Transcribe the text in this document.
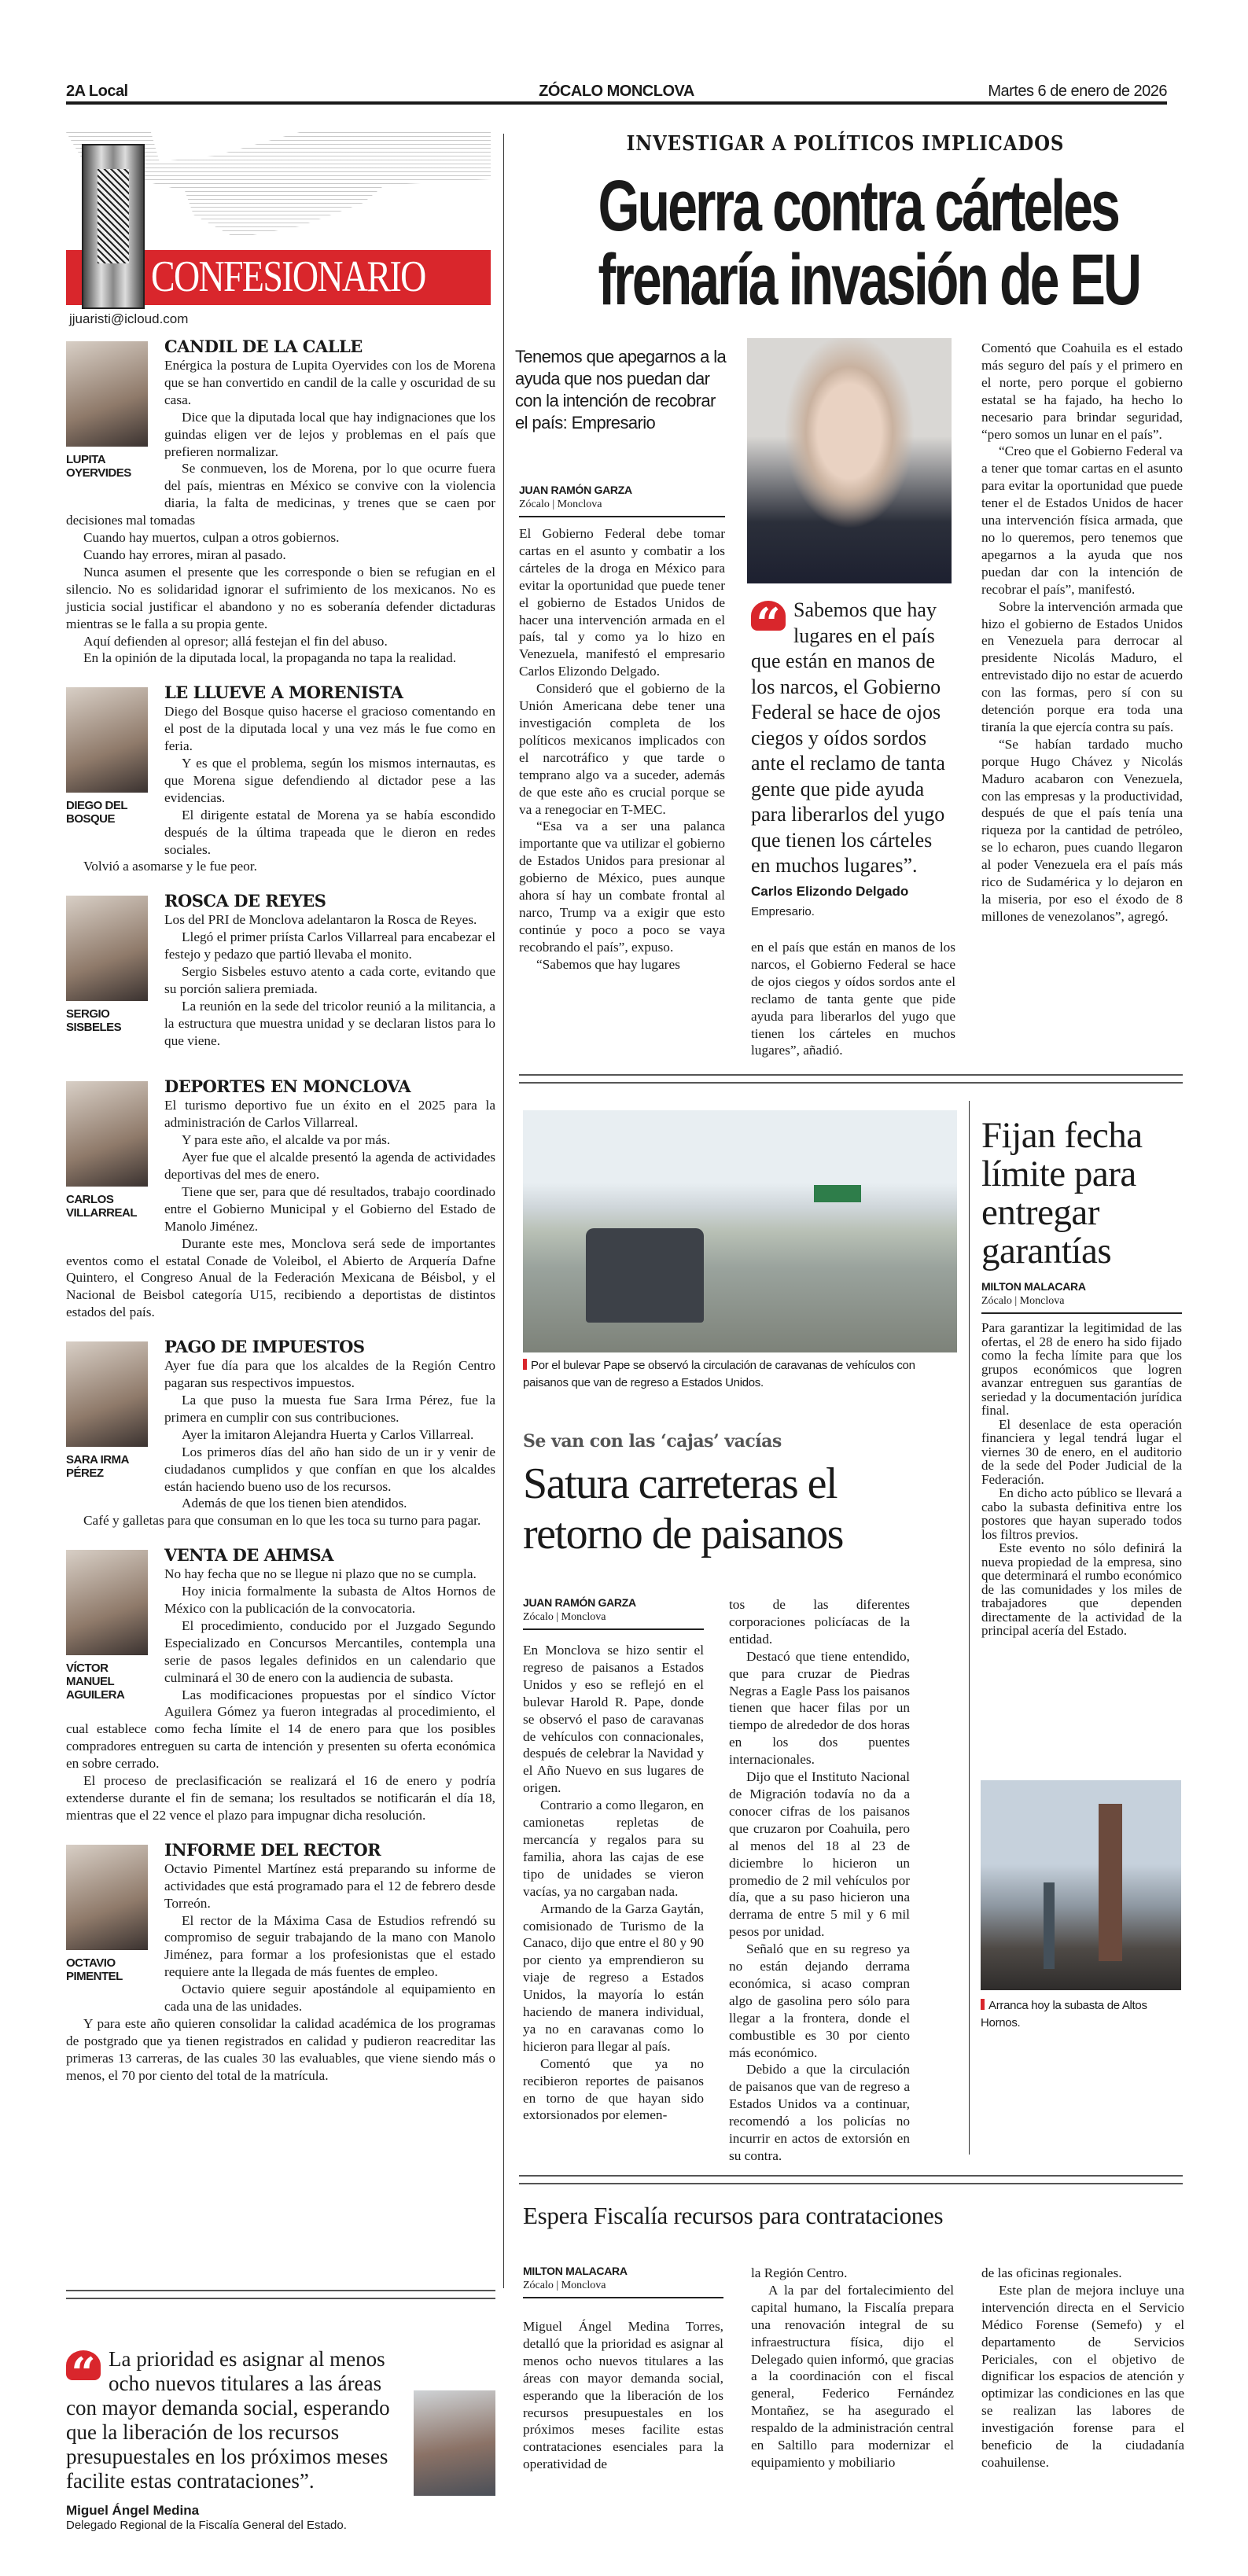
2A Local	ZÓCALO MONCLOVA	Martes 6 de enero de 2026
CONFESIONARIO
jjuaristi@icloud.com
LUPITA OYERVIDES
CANDIL DE LA CALLE

Enérgica la postura de Lupita Oyervides con los de Morena que se han convertido en candil de la calle y oscuridad de su casa.

Dice que la diputada local que hay indignaciones que los guindas eligen ver de lejos y problemas en el país que prefieren normalizar.

Se conmueven, los de Morena, por lo que ocurre fuera del país, mientras en México se convive con la violencia diaria, la falta de medicinas, y trenes que se caen por decisiones mal tomadas

Cuando hay muertos, culpan a otros gobiernos.

Cuando hay errores, miran al pasado.

Nunca asumen el presente que les corresponde o bien se refugian en el silencio. No es solidaridad ignorar el sufrimiento de los mexicanos. No es justicia social justificar el abandono y no es soberanía defender dictaduras mientras se le falla a su propia gente.

Aquí defienden al opresor; allá festejan el fin del abuso.

En la opinión de la diputada local, la propaganda no tapa la realidad.

DIEGO DEL BOSQUE
LE LLUEVE A MORENISTA

Diego del Bosque quiso hacerse el gracioso comentando en el post de la diputada local y una vez más le fue como en feria.

Y es que el problema, según los mismos internautas, es que Morena sigue defendiendo al dictador pese a las evidencias.

El dirigente estatal de Morena ya se había escondido después de la última trapeada que le dieron en redes sociales.

Volvió a asomarse y le fue peor.

SERGIO SISBELES
ROSCA DE REYES

Los del PRI de Monclova adelantaron la Rosca de Reyes.

Llegó el primer priísta Carlos Villarreal para encabezar el festejo y pedazo que partió llevaba el monito.

Sergio Sisbeles estuvo atento a cada corte, evitando que su porción saliera premiada.

La reunión en la sede del tricolor reunió a la militancia, a la estructura que muestra unidad y se declaran listos para lo que viene.

CARLOS VILLARREAL
DEPORTES EN MONCLOVA

El turismo deportivo fue un éxito en el 2025 para la administración de Carlos Villarreal.

Y para este año, el alcalde va por más.

Ayer fue que el alcalde presentó la agenda de actividades deportivas del mes de enero.

Tiene que ser, para que dé resultados, trabajo coordinado entre el Gobierno Municipal y el Gobierno del Estado de Manolo Jiménez.

Durante este mes, Monclova será sede de importantes eventos como el estatal Conade de Voleibol, el Abierto de Arquería Dafne Quintero, el Congreso Anual de la Federación Mexicana de Béisbol, y el Nacional de Beisbol categoría U15, recibiendo a deportistas de distintos estados del país.

SARA IRMA PÉREZ
PAGO DE IMPUESTOS

Ayer fue día para que los alcaldes de la Región Centro pagaran sus respectivos impuestos.

La que puso la muesta fue Sara Irma Pérez, fue la primera en cumplir con sus contribuciones.

Ayer la imitaron Alejandra Huerta y Carlos Villarreal.

Los primeros días del año han sido de un ir y venir de ciudadanos cumplidos y que confían en que los alcaldes están haciendo bueno uso de los recursos.

Además de que los tienen bien atendidos.

Café y galletas para que consuman en lo que les toca su turno para pagar.

VÍCTOR MANUEL AGUILERA
VENTA DE AHMSA

No hay fecha que no se llegue ni plazo que no se cumpla.

Hoy inicia formalmente la subasta de Altos Hornos de México con la publicación de la convocatoria.

El procedimiento, conducido por el Juzgado Segundo Especializado en Concursos Mercantiles, contempla una serie de pasos legales definidos en un calendario que culminará el 30 de enero con la audiencia de subasta.

Las modificaciones propuestas por el síndico Víctor Aguilera Gómez ya fueron integradas al procedimiento, el cual establece como fecha límite el 14 de enero para que los posibles compradores entreguen su carta de intención y presenten su oferta económica en sobre cerrado.

El proceso de preclasificación se realizará el 16 de enero y podría extenderse durante el fin de semana; los resultados se notificarán el día 18, mientras que el 22 vence el plazo para impugnar dicha resolución.

OCTAVIO PIMENTEL
INFORME DEL RECTOR

Octavio Pimentel Martínez está preparando su informe de actividades que está programado para el 12 de febrero desde Torreón.

El rector de la Máxima Casa de Estudios refrendó su compromiso de seguir trabajando de la mano con Manolo Jiménez, para formar a los profesionistas que el estado requiere ante la llegada de más fuentes de empleo.

Octavio quiere seguir apostándole al equipamiento en cada una de las unidades.

Y para este año quieren consolidar la calidad académica de los programas de postgrado que ya tienen registrados en calidad y pudieron reacreditar las primeras 13 carreras, de las cuales 30 las evaluables, que viene siendo más o menos, el 70 por ciento del total de la matrícula.

“ La prioridad es asignar al menos ocho nuevos titulares a las áreas con mayor demanda social, esperando que la liberación de los recursos presupuestales en los próximos meses facilite estas contrataciones”.
Miguel Ángel Medina
Delegado Regional de la Fiscalía General del Estado.
INVESTIGAR A POLÍTICOS IMPLICADOS
Guerra contra cárteles
frenaría invasión de EU
Tenemos que apegarnos a la ayuda que nos puedan dar con la intención de recobrar el país: Empresario
JUAN RAMÓN GARZA
Zócalo | Monclova

El Gobierno Federal debe tomar cartas en el asunto y combatir a los cárteles de la droga en México para evitar la oportunidad que puede tener el gobierno de Estados Unidos de hacer una intervención armada en el país, tal y como ya lo hizo en Venezuela, manifestó el empresario Carlos Elizondo Delgado.

Consideró que el gobierno de la Unión Americana debe tener una investigación completa de los políticos mexicanos implicados con el narcotráfico y que tarde o temprano algo va a suceder, además de que este año es crucial porque se va a renegociar en T-MEC.

“Esa va a ser una palanca importante que va utilizar el gobierno de Estados Unidos para presionar al gobierno de México, pues aunque ahora sí hay un combate frontal al narco, Trump va a exigir que esto continúe y poco a poco se vaya recobrando el país”, expuso.

“Sabemos que hay lugares

“ Sabemos que hay lugares en el país que están en manos de los narcos, el Gobierno Federal se hace de ojos ciegos y oídos sordos ante el reclamo de tanta gente que pide ayuda para liberarlos del yugo que tienen los cárteles en muchos lugares”.
Carlos Elizondo Delgado
Empresario.

en el país que están en manos de los narcos, el Gobierno Federal se hace de ojos ciegos y oídos sordos ante el reclamo de tanta gente que pide ayuda para liberarlos del yugo que tienen los cárteles en muchos lugares”, añadió.

Comentó que Coahuila es el estado más seguro del país y el primero en el norte, pero porque el gobierno estatal se ha fajado, ha hecho lo necesario para brindar seguridad, “pero somos un lunar en el país”.

“Creo que el Gobierno Federal va a tener que tomar cartas en el asunto para evitar la oportunidad que puede tener el de Estados Unidos de hacer una intervención física armada, que no lo queremos, pero tenemos que apegarnos a la ayuda que nos puedan dar con la intención de recobrar el país”, manifestó.

Sobre la intervención armada que hizo el gobierno de Estados Unidos en Venezuela para derrocar al presidente Nicolás Maduro, el entrevistado dijo no estar de acuerdo con las formas, pero sí con su detención porque era toda una tiranía la que ejercía contra su país.

“Se habían tardado mucho porque Hugo Chávez y Nicolás Maduro acabaron con Venezuela, con las empresas y la productividad, después de que el país tenía una riqueza por la cantidad de petróleo, se lo echaron, pues cuando llegaron al poder Venezuela era el país más rico de Sudamérica y lo dejaron en la miseria, por eso el éxodo de 8 millones de venezolanos”, agregó.

Por el bulevar Pape se observó la circulación de caravanas de vehículos con paisanos que van de regreso a Estados Unidos.
Se van con las ‘cajas’ vacías
Satura carreteras el retorno de paisanos
JUAN RAMÓN GARZA
Zócalo | Monclova

En Monclova se hizo sentir el regreso de paisanos a Estados Unidos y eso se reflejó en el bulevar Harold R. Pape, donde se observó el paso de caravanas de vehículos con connacionales, después de celebrar la Navidad y el Año Nuevo en sus lugares de origen.

Contrario a como llegaron, en camionetas repletas de mercancía y regalos para su familia, ahora las cajas de ese tipo de unidades se vieron vacías, ya no cargaban nada.

Armando de la Garza Gaytán, comisionado de Turismo de la Canaco, dijo que entre el 80 y 90 por ciento ya emprendieron su viaje de regreso a Estados Unidos, la mayoría lo están haciendo de manera individual, ya no en caravanas como lo hicieron para llegar al país.

Comentó que ya no recibieron reportes de paisanos en torno de que hayan sido extorsionados por elemen-

tos de las diferentes corporaciones policíacas de la entidad.

Destacó que tiene entendido, que para cruzar de Piedras Negras a Eagle Pass los paisanos tienen que hacer filas por un tiempo de alrededor de dos horas en los dos puentes internacionales.

Dijo que el Instituto Nacional de Migración todavía no da a conocer cifras de los paisanos que cruzaron por Coahuila, pero al menos del 18 al 23 de diciembre lo hicieron un promedio de 2 mil vehículos por día, que a su paso hicieron una derrama de entre 5 mil y 6 mil pesos por unidad.

Señaló que en su regreso ya no están dejando derrama económica, si acaso compran algo de gasolina pero sólo para llegar a la frontera, donde el combustible es 30 por ciento más económico.

Debido a que la circulación de paisanos que van de regreso a Estados Unidos va a continuar, recomendó a los policías no incurrir en actos de extorsión en su contra.

Fijan fecha límite para entregar garantías
MILTON MALACARA
Zócalo | Monclova

Para garantizar la legitimidad de las ofertas, el 28 de enero ha sido fijado como la fecha límite para que los grupos económicos que logren avanzar entreguen sus garantías de seriedad y la documentación jurídica final.

El desenlace de esta operación financiera y legal tendrá lugar el viernes 30 de enero, en el auditorio de la sede del Poder Judicial de la Federación.

En dicho acto público se llevará a cabo la subasta definitiva entre los postores que hayan superado todos los filtros previos.

Este evento no sólo definirá la nueva propiedad de la empresa, sino que determinará el rumbo económico de las comunidades y los miles de trabajadores que dependen directamente de la actividad de la principal acería del Estado.

Arranca hoy la subasta de Altos Hornos.
Espera Fiscalía recursos para contrataciones
MILTON MALACARA
Zócalo | Monclova

Miguel Ángel Medina Torres, detalló que la prioridad es asignar al menos ocho nuevos titulares a las áreas con mayor demanda social, esperando que la liberación de los recursos presupuestales en los próximos meses facilite estas contrataciones esenciales para la operatividad de

la Región Centro.

A la par del fortalecimiento del capital humano, la Fiscalía prepara una renovación integral de su infraestructura física, dijo el Delegado quien informó, que gracias a la coordinación con el fiscal general, Federico Fernández Montañez, se ha asegurado el respaldo de la administración central en Saltillo para modernizar el equipamiento y mobiliario

de las oficinas regionales.

Este plan de mejora incluye una intervención directa en el Servicio Médico Forense (Semefo) y el departamento de Servicios Periciales, con el objetivo de dignificar los espacios de atención y optimizar las condiciones en las que se realizan las labores de investigación forense para el beneficio de la ciudadanía coahuilense.
